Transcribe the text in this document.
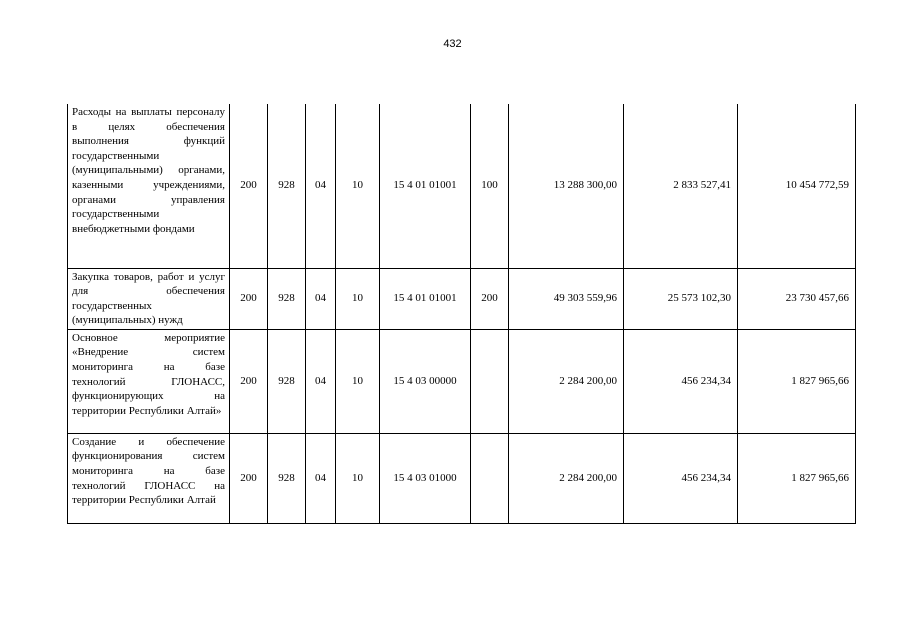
432
Расходы на выплаты персоналу в целях обеспечения выполнения функций государственными (муниципальными) органами, казенными учреждениями, органами управления государственными внебюджетными фондами	200	928	04	10	15 4 01 01001	100	13 288 300,00	2 833 527,41	10 454 772,59
Закупка товаров, работ и услуг для обеспечения государственных (муниципальных) нужд	200	928	04	10	15 4 01 01001	200	49 303 559,96	25 573 102,30	23 730 457,66
Основное мероприятие «Внедрение систем мониторинга на базе технологий ГЛОНАСС, функционирующих на территории Республики Алтай»	200	928	04	10	15 4 03 00000		2 284 200,00	456 234,34	1 827 965,66
Создание и обеспечение функционирования систем мониторинга на базе технологий ГЛОНАСС на территории Республики Алтай	200	928	04	10	15 4 03 01000		2 284 200,00	456 234,34	1 827 965,66
